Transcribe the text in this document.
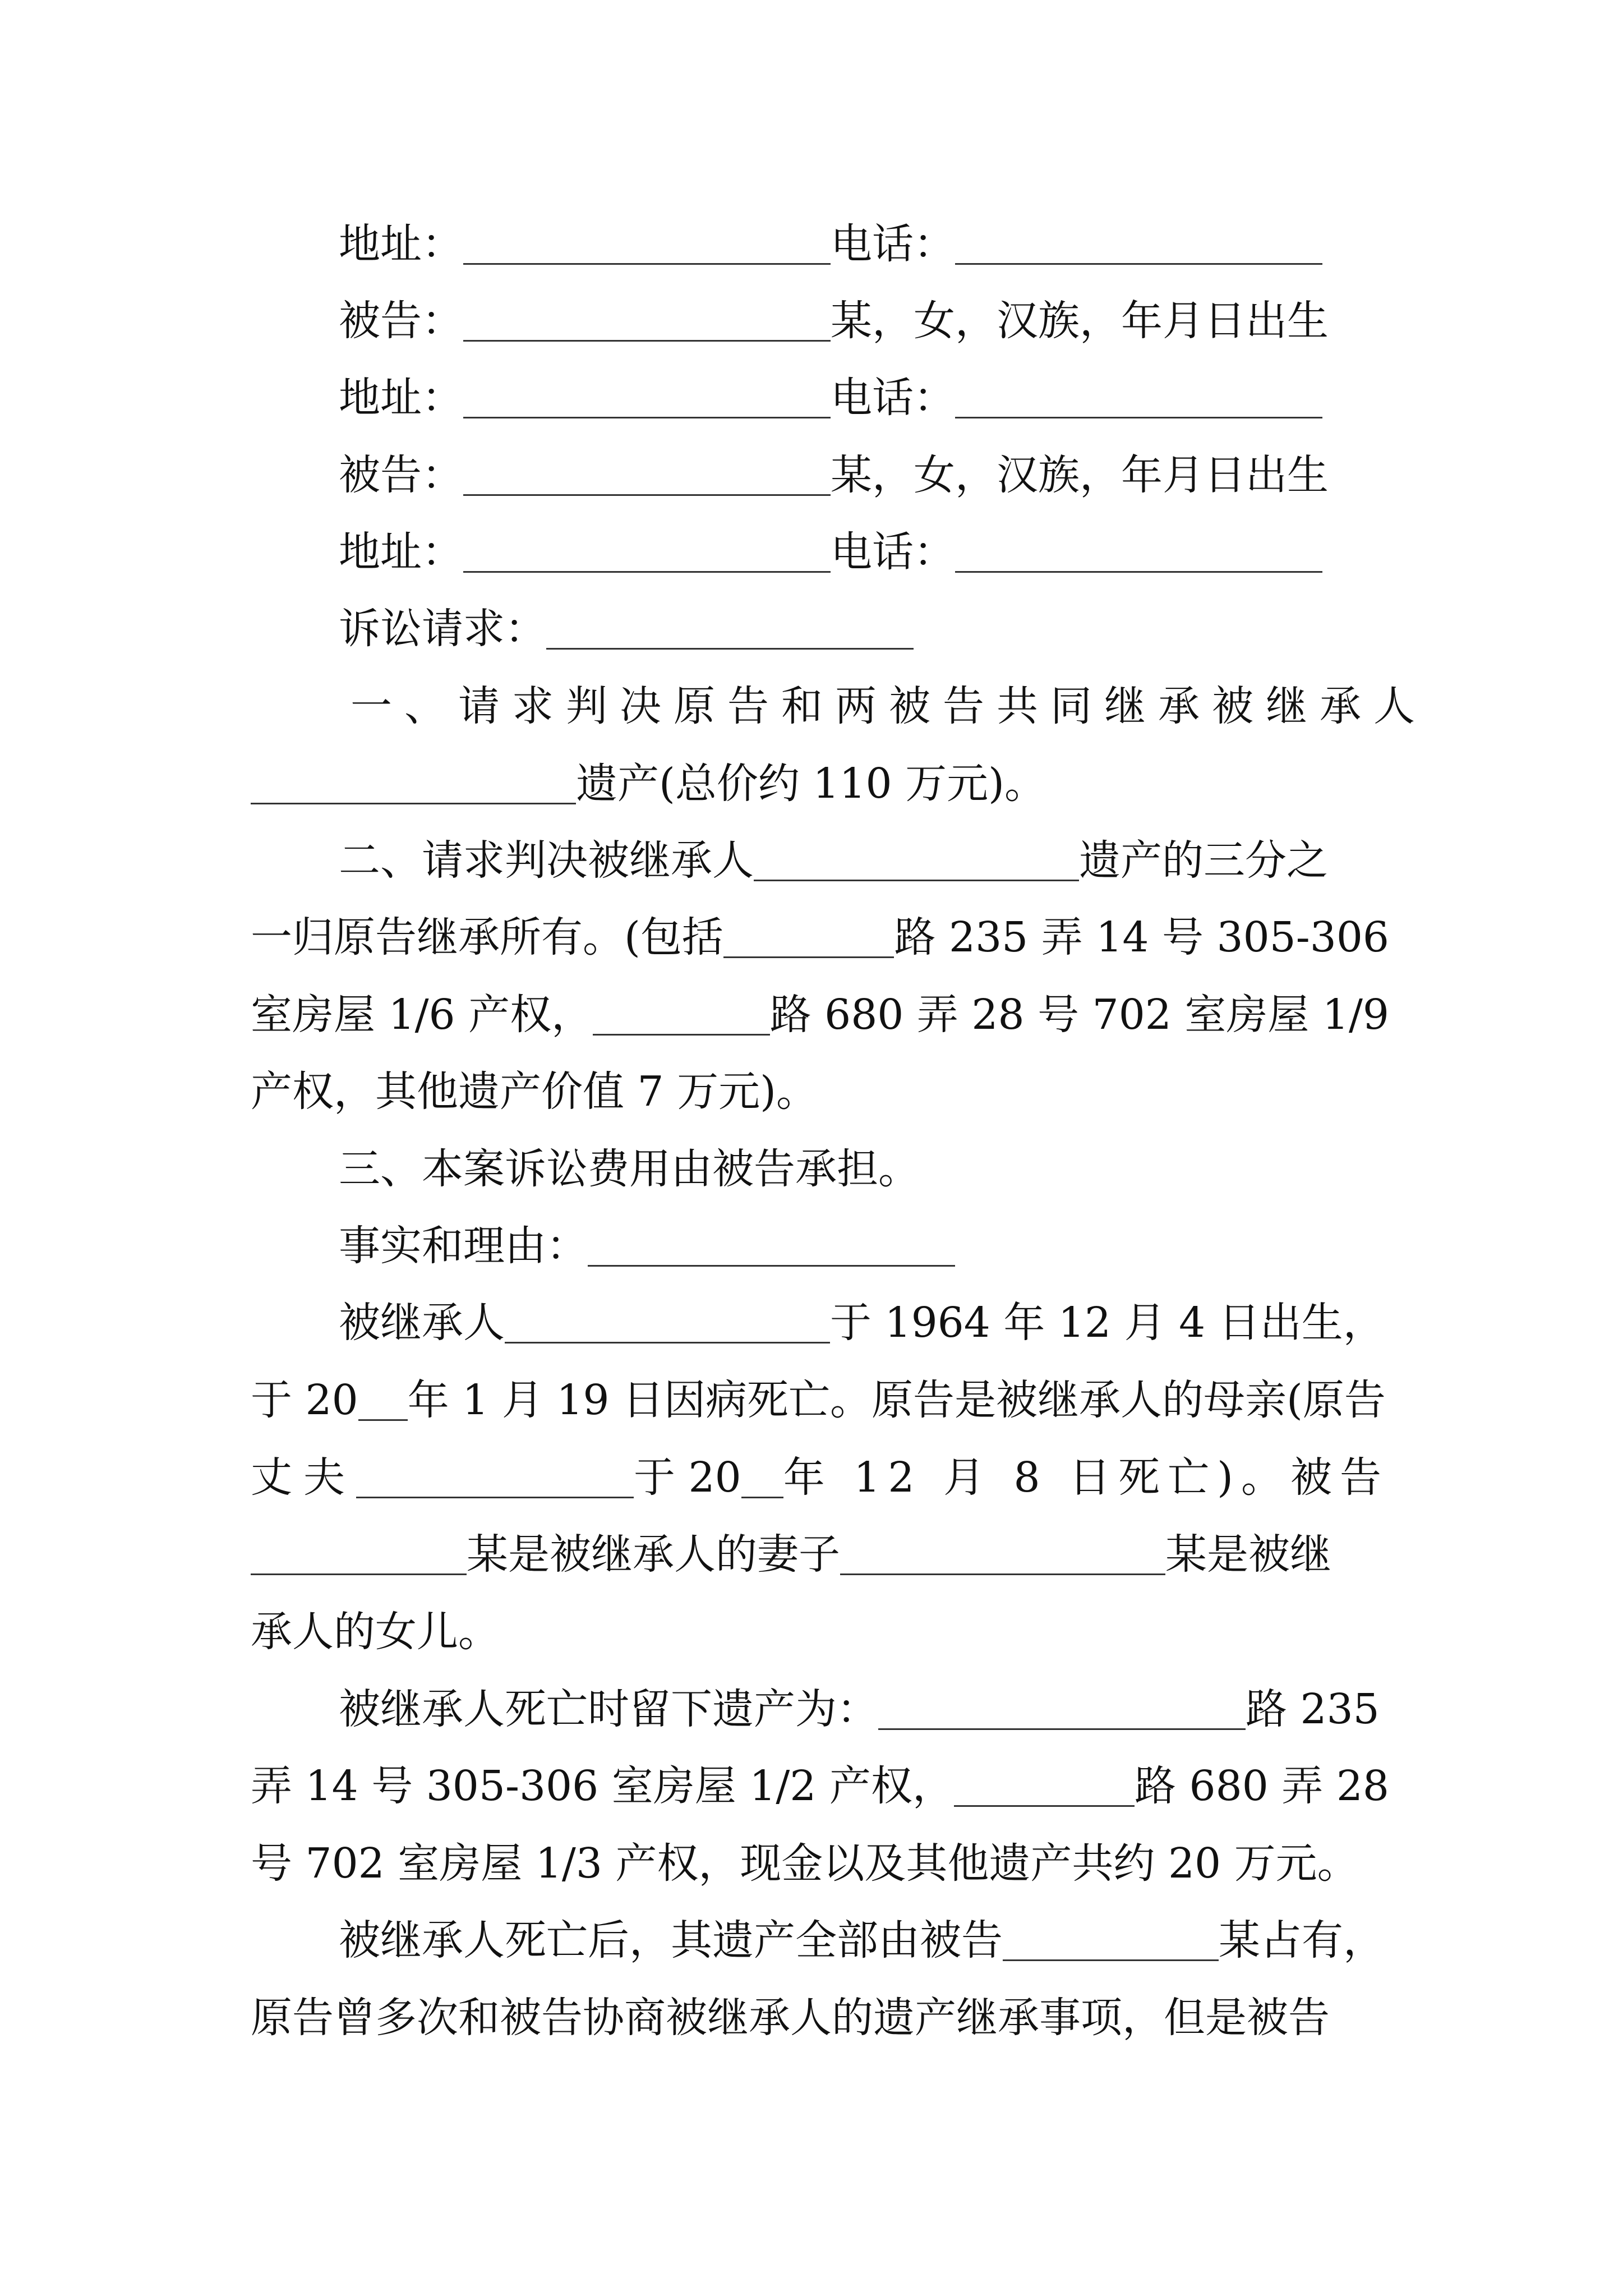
地址：	电话：
被告：	某，女，汉族，年月日出生
地址：	电话：
被告：	某，女，汉族，年月日出生
地址：	电话：
诉讼请求：
一、请求判决原告和两被告共同继承被继承人
遗产(总价约 110 万元)。
二、请求判决被继承人	遗产的三分之
一归原告继承所有。(包括	路 235 弄 14 号 305-306
室房屋 1/6 产权，	路 680 弄 28 号 702 室房屋 1/9
产权，其他遗产价值 7 万元)。
三、本案诉讼费用由被告承担。
事实和理由：
被继承人	于 1964 年 12 月 4 日出生，
于 20 年 1 月 19 日因病死亡。原告是被继承人的母亲(原告
丈夫	于 20 年 12 月 8 日死亡)。被告
某是被继承人的妻子	某是被继
承人的女儿。
被继承人死亡时留下遗产为：	路 235
弄 14 号 305-306 室房屋 1/2 产权，	路 680 弄 28
号 702 室房屋 1/3 产权，现金以及其他遗产共约 20 万元。
被继承人死亡后，其遗产全部由被告	某占有，
原告曾多次和被告协商被继承人的遗产继承事项，但是被告
